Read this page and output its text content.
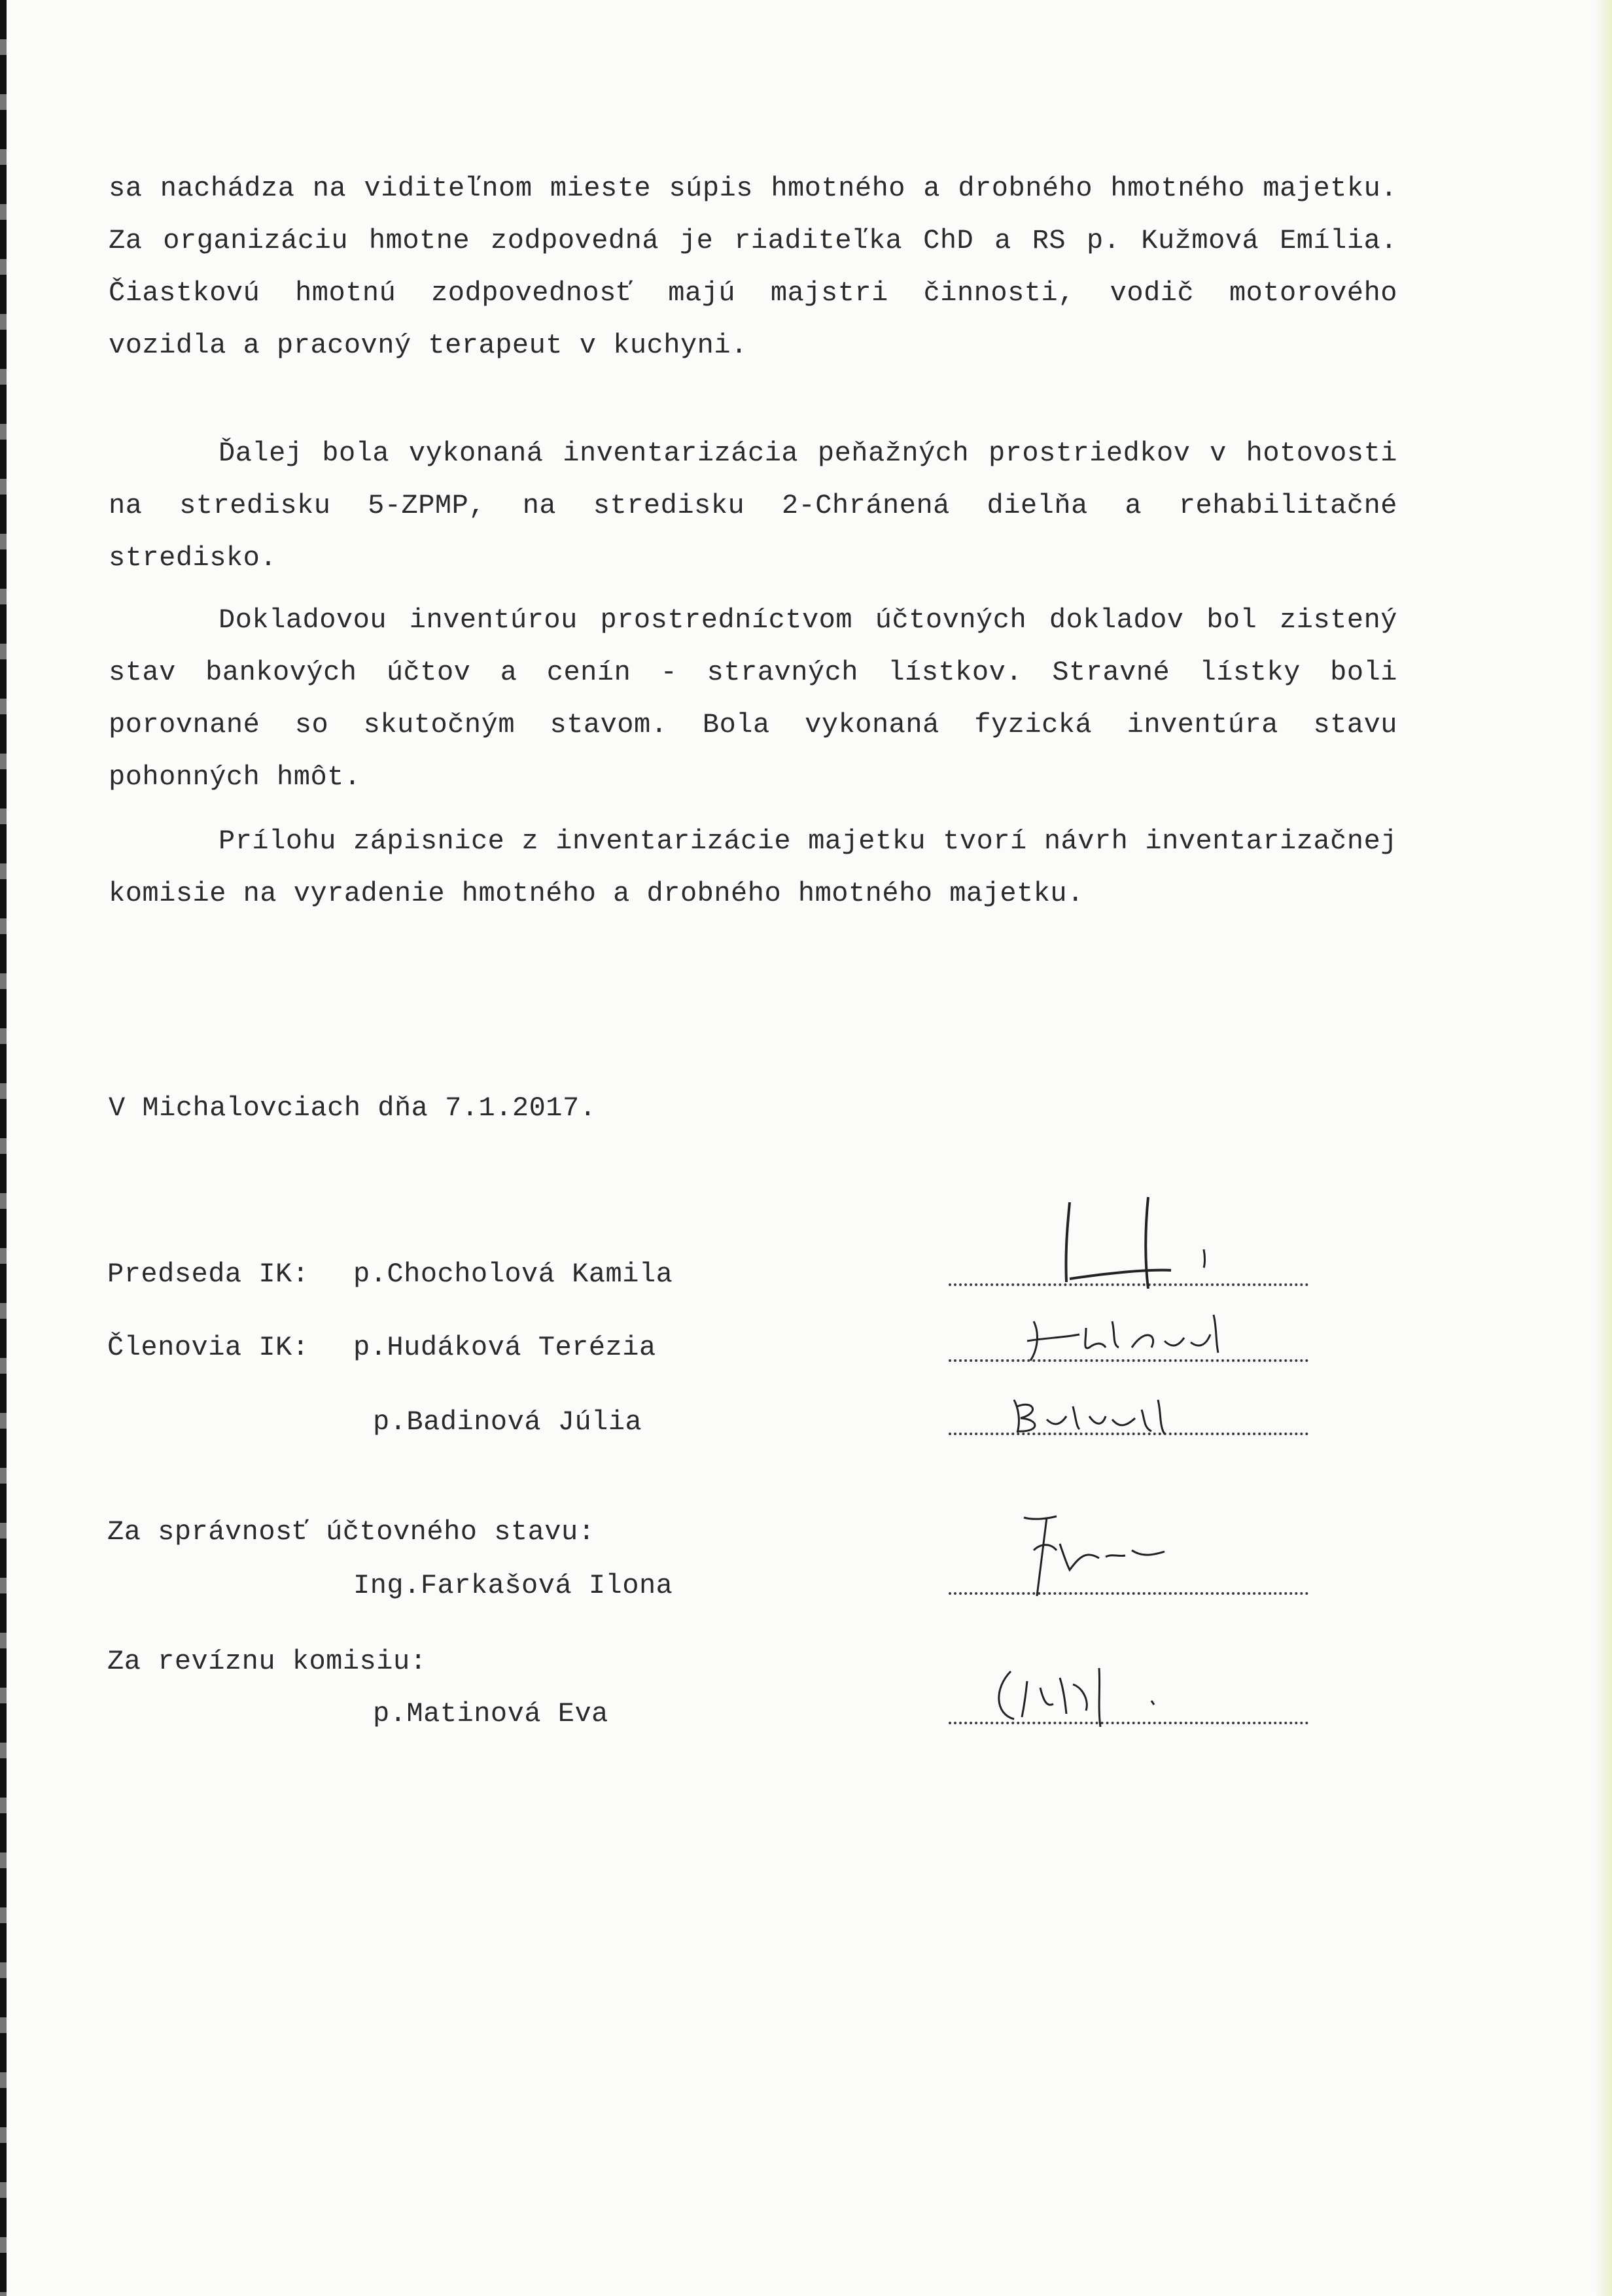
sa nachádza na viditeľnom mieste súpis hmotného a drobného hmotného majetku. Za organizáciu hmotne zodpovedná je riaditeľka ChD a RS p. Kužmová Emília. Čiastkovú hmotnú zodpovednosť majú majstri činnosti, vodič motorového vozidla a pracovný terapeut v kuchyni.

Ďalej bola vykonaná inventarizácia peňažných prostriedkov v hotovosti na stredisku 5-ZPMP, na stredisku 2-Chránená dielňa a rehabilitačné stredisko.

Dokladovou inventúrou prostredníctvom účtovných dokladov bol zistený stav bankových účtov a cenín - stravných lístkov. Stravné lístky boli porovnané so skutočným stavom. Bola vykonaná fyzická inventúra stavu pohonných hmôt.

Prílohu zápisnice z inventarizácie majetku tvorí návrh inventarizačnej komisie na vyradenie hmotného a drobného hmotného majetku.

V Michalovciach dňa 7.1.2017.
Predseda IK: p.Chocholová Kamila
Členovia IK: p.Hudáková Terézia
p.Badinová Júlia
Za správnosť účtovného stavu:
Ing.Farkašová Ilona
Za revíznu komisiu:
p.Matinová Eva
